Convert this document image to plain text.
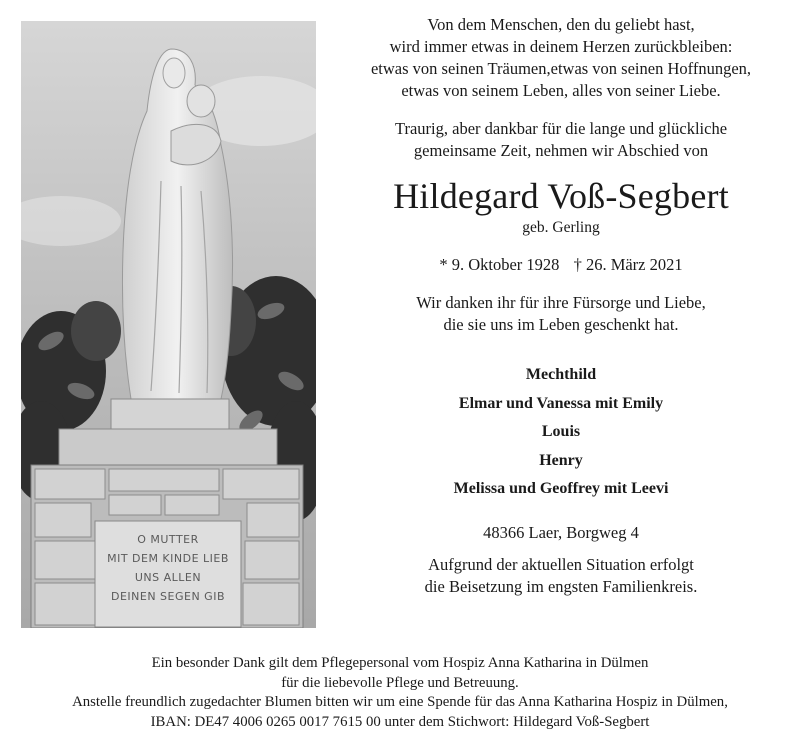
O MUTTER
MIT DEM KINDE LIEB
UNS ALLEN
DEINEN SEGEN GIB

Von dem Menschen, den du geliebt hast,
wird immer etwas in deinem Herzen zurückbleiben:
etwas von seinen Träumen,etwas von seinen Hoffnungen,
etwas von seinem Leben, alles von seiner Liebe.

Traurig, aber dankbar für die lange und glückliche
gemeinsame Zeit, nehmen wir Abschied von

Hildegard Voß-Segbert

geb. Gerling

* 9. Oktober 1928 † 26. März 2021

Wir danken ihr für ihre Fürsorge und Liebe,
die sie uns im Leben geschenkt hat.

Mechthild
Elmar und Vanessa mit Emily
Louis
Henry
Melissa und Geoffrey mit Leevi

48366 Laer, Borgweg 4

Aufgrund der aktuellen Situation erfolgt
die Beisetzung im engsten Familienkreis.

Ein besonder Dank gilt dem Pflegepersonal vom Hospiz Anna Katharina in Dülmen
für die liebevolle Pflege und Betreuung.
Anstelle freundlich zugedachter Blumen bitten wir um eine Spende für das Anna Katharina Hospiz in Dülmen,
IBAN: DE47 4006 0265 0017 7615 00 unter dem Stichwort: Hildegard Voß-Segbert
